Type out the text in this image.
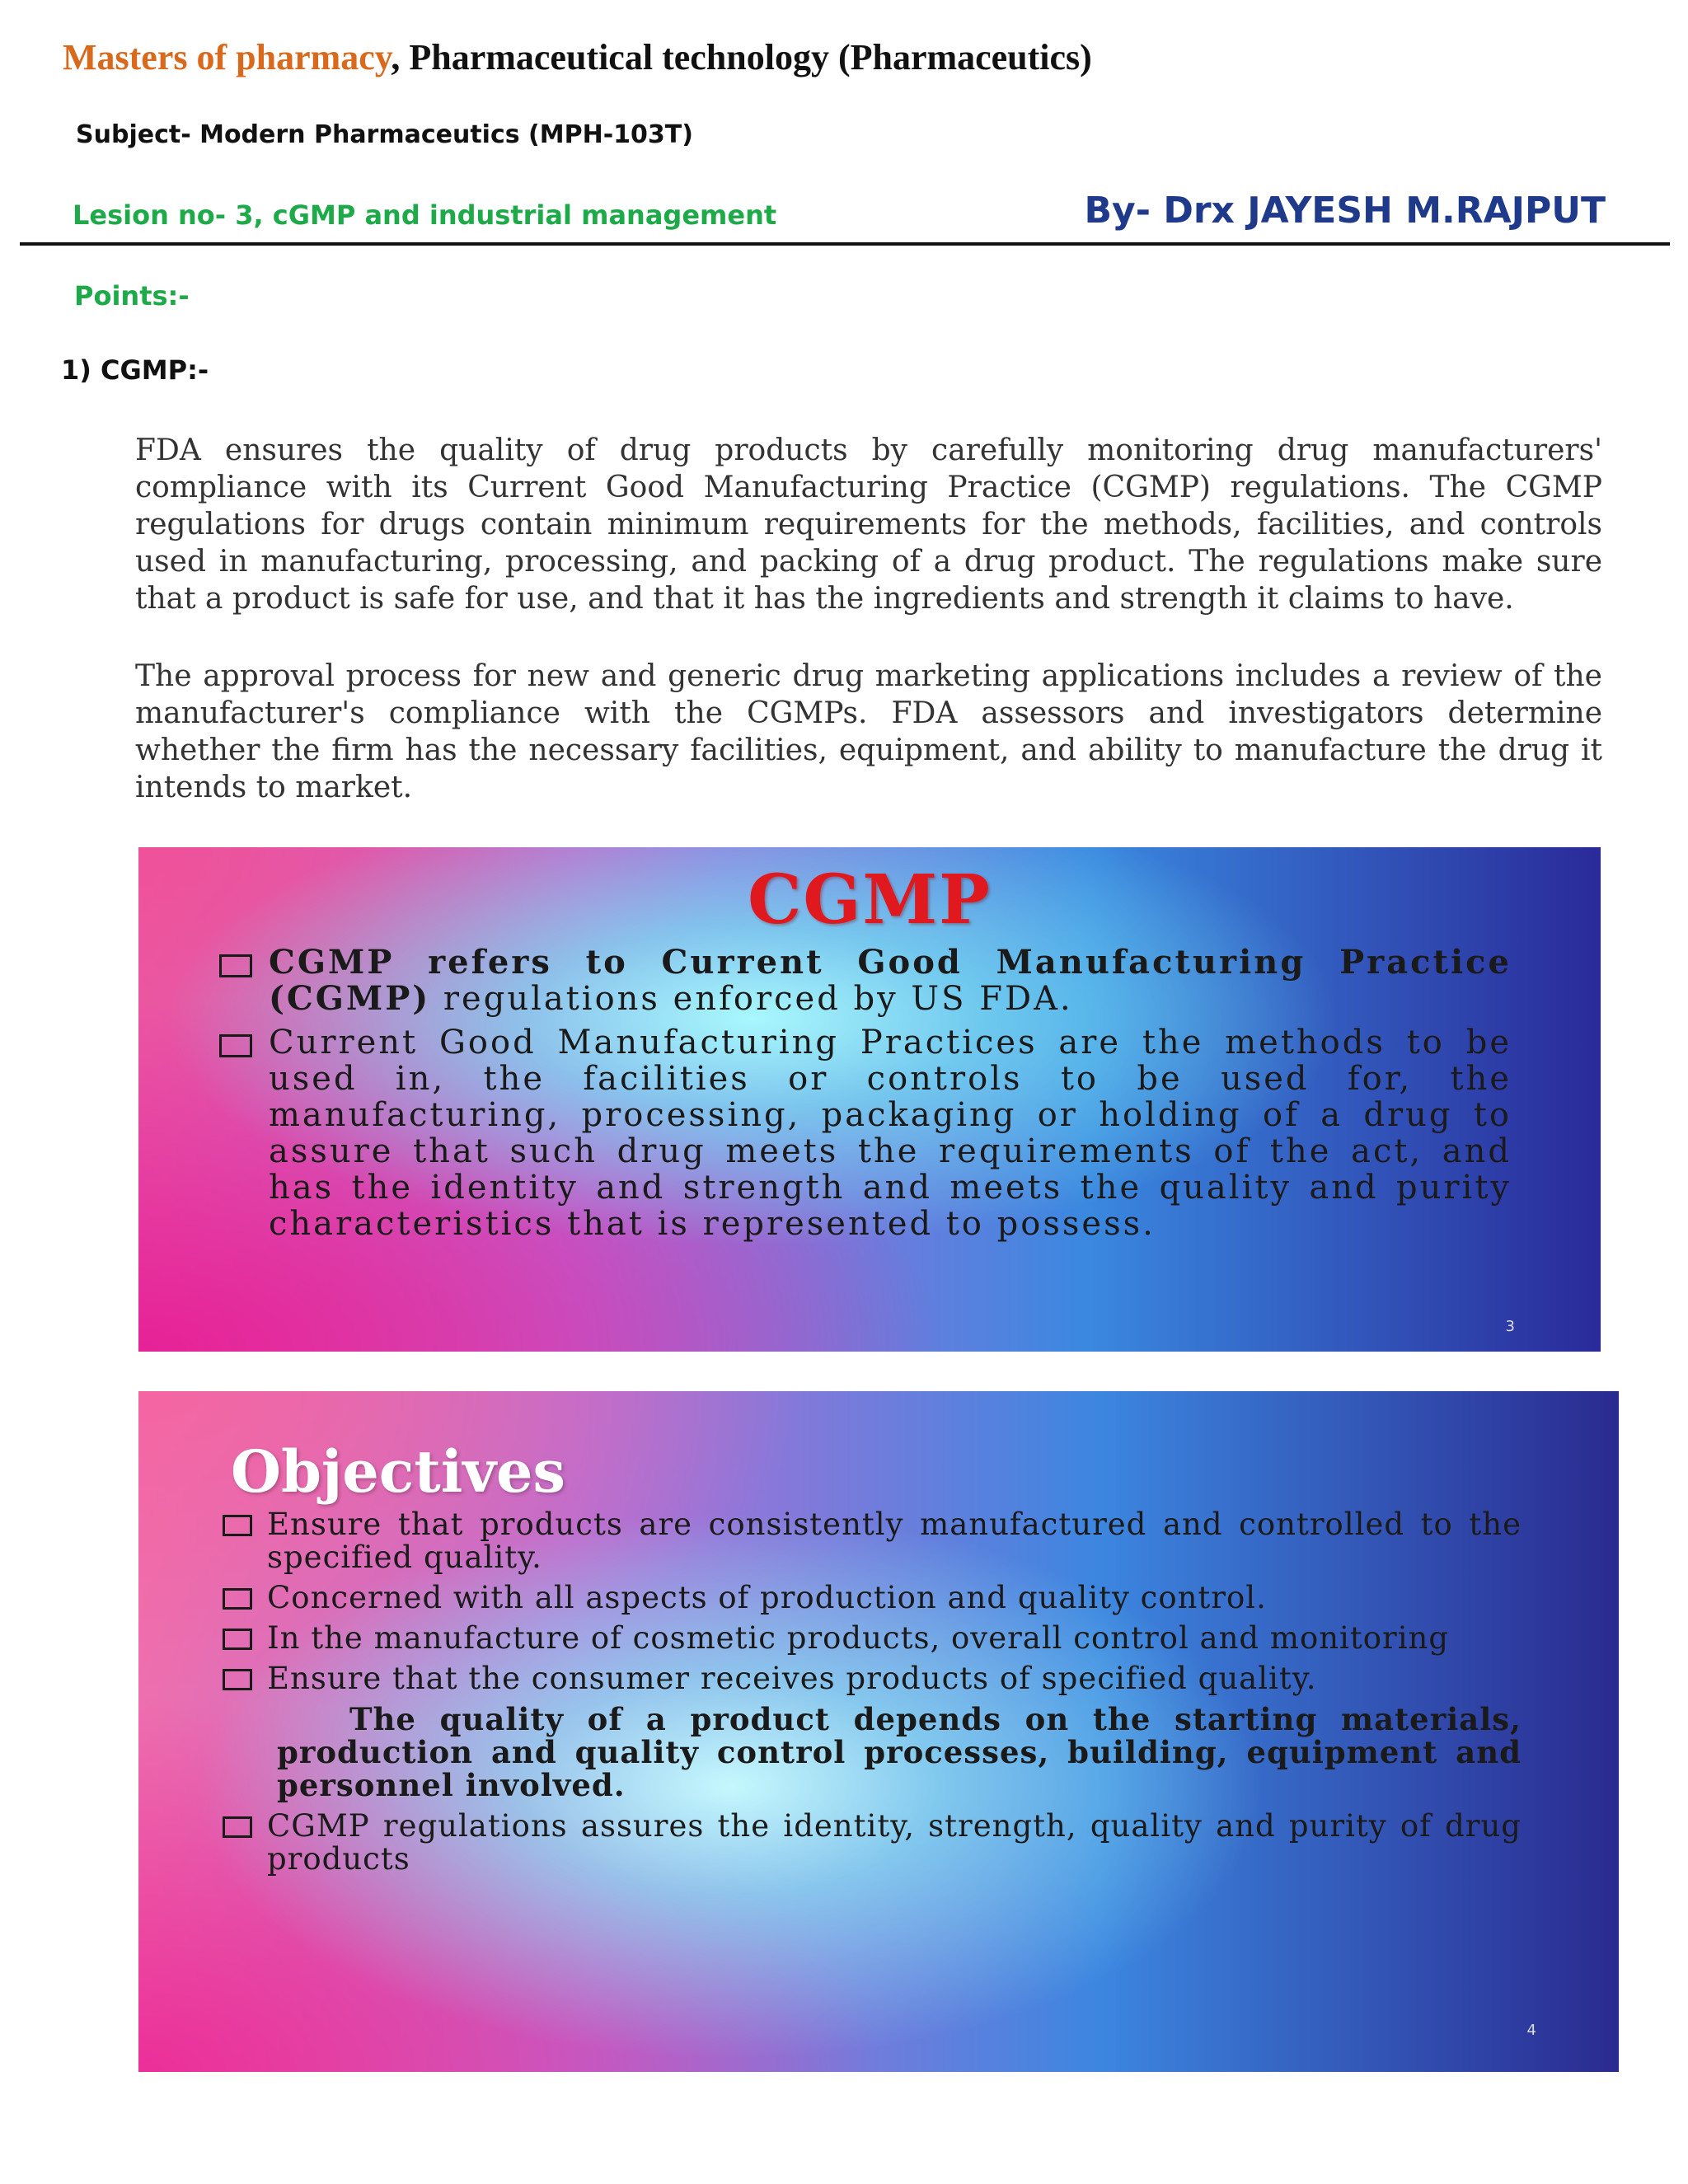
Masters of pharmacy, Pharmaceutical technology (Pharmaceutics)
Subject- Modern Pharmaceutics (MPH-103T)
Lesion no- 3, cGMP and industrial management	By- Drx JAYESH M.RAJPUT
Points:-
1) CGMP:-

FDA ensures the quality of drug products by carefully monitoring drug manufacturers' compliance with its Current Good Manufacturing Practice (CGMP) regulations. The CGMP regulations for drugs contain minimum requirements for the methods, facilities, and controls used in manufacturing, processing, and packing of a drug product. The regulations make sure that a product is safe for use, and that it has the ingredients and strength it claims to have.

The approval process for new and generic drug marketing applications includes a review of the manufacturer's compliance with the CGMPs. FDA assessors and investigators determine whether the firm has the necessary facilities, equipment, and ability to manufacture the drug it intends to market.

CGMP
CGMP refers to Current Good Manufacturing Practice (CGMP) regulations enforced by US FDA.
Current Good Manufacturing Practices are the methods to be used in, the facilities or controls to be used for, the manufacturing, processing, packaging or holding of a drug to assure that such drug meets the requirements of the act, and has the identity and strength and meets the quality and purity characteristics that is represented to possess.
3
Objectives
Ensure that products are consistently manufactured and controlled to the specified quality.
Concerned with all aspects of production and quality control.
In the manufacture of cosmetic products, overall control and monitoring
Ensure that the consumer receives products of specified quality.
The quality of a product depends on the starting materials, production and quality control processes, building, equipment and personnel involved.
CGMP regulations assures the identity, strength, quality and purity of drug products
4
